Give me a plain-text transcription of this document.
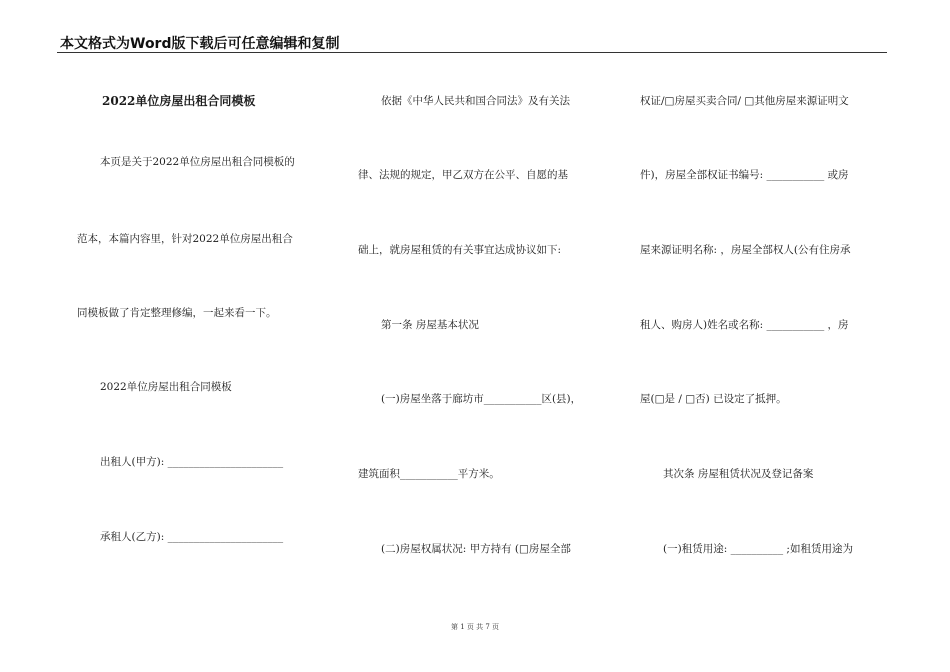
本文格式为Word版下载后可任意编辑和复制
2022单位房屋出租合同模板
本页是关于2022单位房屋出租合同模板的
范本，本篇内容里，针对2022单位房屋出租合
同模板做了肯定整理修编，一起来看一下。
2022单位房屋出租合同模板
出租人(甲方): ______________________
承租人(乙方): ______________________
依据《中华人民共和国合同法》及有关法
律、法规的规定，甲乙双方在公平、自愿的基
础上，就房屋租赁的有关事宜达成协议如下:
第一条 房屋基本状况
(一)房屋坐落于廊坊市___________区(县)，
建筑面积___________平方米。
(二)房屋权属状况: 甲方持有 (□房屋全部
权证/□房屋买卖合同/ □其他房屋来源证明文
件)，房屋全部权证书编号: ___________ 或房
屋来源证明名称: ，房屋全部权人(公有住房承
租人、购房人)姓名或名称: ___________ ，房
屋(□是 / □否) 已设定了抵押。
其次条 房屋租赁状况及登记备案
(一)租赁用途: __________ ;如租赁用途为
第 1 页 共 7 页
